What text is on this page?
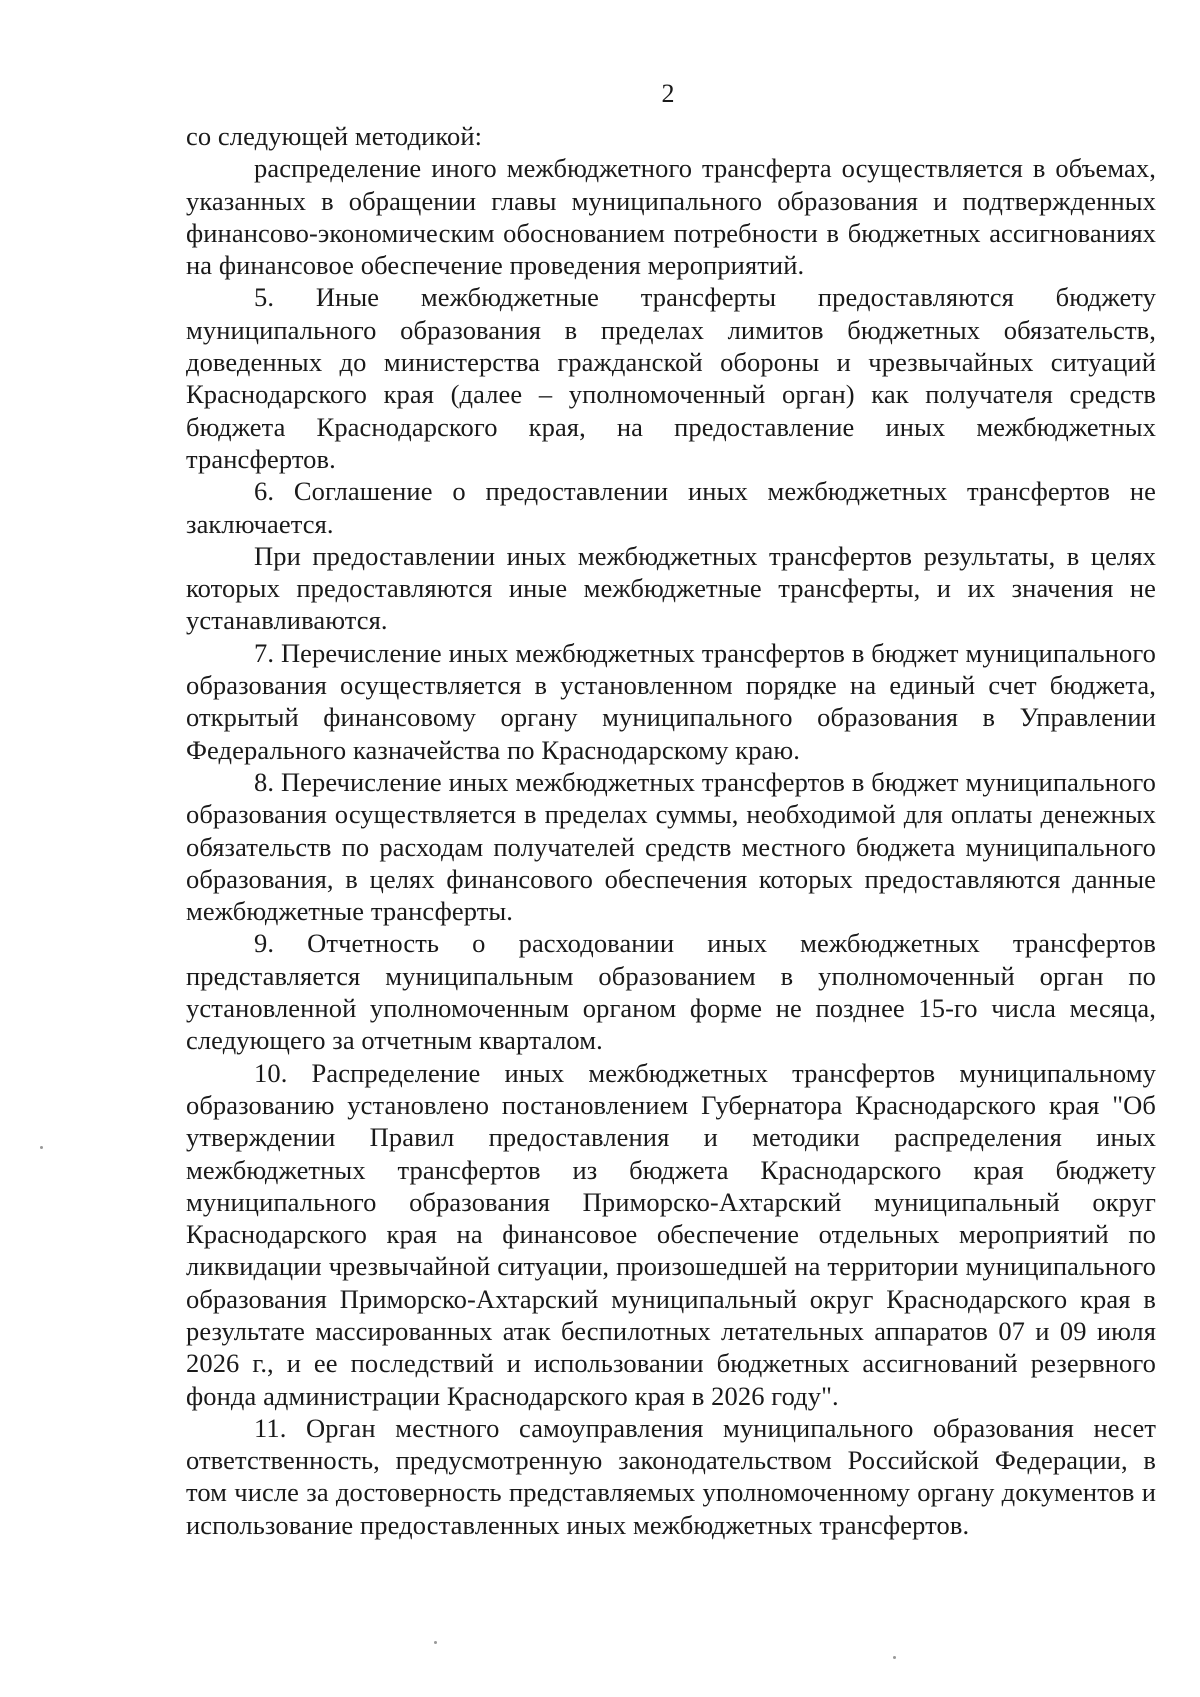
2

со следующей методикой:

распределение иного межбюджетного трансферта осуществляется в объемах, указанных в обращении главы муниципального образования и подтвержденных финансово-экономическим обоснованием потребности в бюджетных ассигнованиях на финансовое обеспечение проведения мероприятий.

5. Иные межбюджетные трансферты предоставляются бюджету муниципального образования в пределах лимитов бюджетных обязательств, доведенных до министерства гражданской обороны и чрезвычайных ситуаций Краснодарского края (далее – уполномоченный орган) как получателя средств бюджета Краснодарского края, на предоставление иных межбюджетных трансфертов.

6. Соглашение о предоставлении иных межбюджетных трансфертов не заключается.

При предоставлении иных межбюджетных трансфертов результаты, в целях которых предоставляются иные межбюджетные трансферты, и их значения не устанавливаются.

7. Перечисление иных межбюджетных трансфертов в бюджет муниципального образования осуществляется в установленном порядке на единый счет бюджета, открытый финансовому органу муниципального образования в Управлении Федерального казначейства по Краснодарскому краю.

8. Перечисление иных межбюджетных трансфертов в бюджет муниципального образования осуществляется в пределах суммы, необходимой для оплаты денежных обязательств по расходам получателей средств местного бюджета муниципального образования, в целях финансового обеспечения которых предоставляются данные межбюджетные трансферты.

9. Отчетность о расходовании иных межбюджетных трансфертов представляется муниципальным образованием в уполномоченный орган по установленной уполномоченным органом форме не позднее 15-го числа месяца, следующего за отчетным кварталом.

10. Распределение иных межбюджетных трансфертов муниципальному образованию установлено постановлением Губернатора Краснодарского края "Об утверждении Правил предоставления и методики распределения иных межбюджетных трансфертов из бюджета Краснодарского края бюджету муниципального образования Приморско-Ахтарский муниципальный округ Краснодарского края на финансовое обеспечение отдельных мероприятий по ликвидации чрезвычайной ситуации, произошедшей на территории муниципального образования Приморско-Ахтарский муниципальный округ Краснодарского края в результате массированных атак беспилотных летательных аппаратов 07 и 09 июля 2026 г., и ее последствий и использовании бюджетных ассигнований резервного фонда администрации Краснодарского края в 2026 году".

11. Орган местного самоуправления муниципального образования несет ответственность, предусмотренную законодательством Российской Федерации, в том числе за достоверность представляемых уполномоченному органу документов и использование предоставленных иных межбюджетных трансфертов.
